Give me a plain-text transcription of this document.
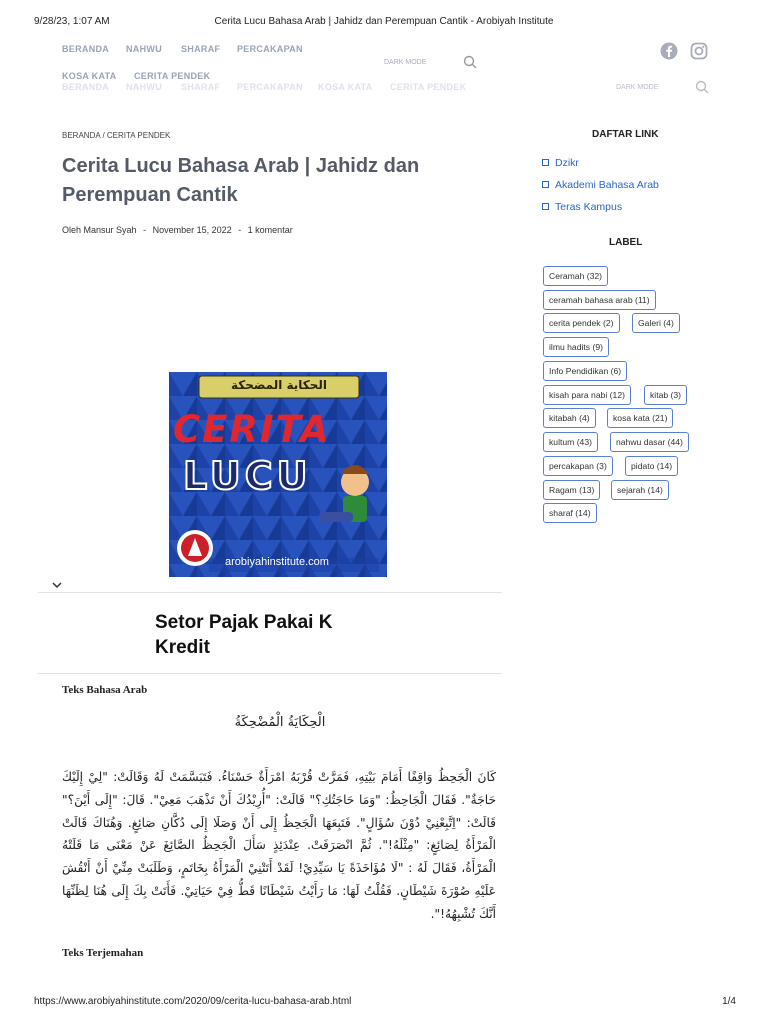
9/28/23, 1:07 AM	Cerita Lucu Bahasa Arab | Jahidz dan Perempuan Cantik - Arobiyah Institute
BERANDA NAHWU SHARAF PERCAKAPAN
KOSA KATA CERITA PENDEK
BERANDA NAHWU SHARAF PERCAKAPAN KOSA KATA CERITA PENDEK
DARK MODE
DARK MODE
BERANDA / CERITA PENDEK
Cerita Lucu Bahasa Arab | Jahidz dan Perempuan Cantik
Oleh Mansur Syah - November 15, 2022 - 1 komentar
الحكاية المضحكة
CERITA
LUCU
arobiyahinstitute.com
Setor Pajak Pakai K
Kredit
Teks Bahasa Arab
الْحِكَايَةُ الْمُضْحِكَةُ
كَانَ الْجَحِظُ وَاقِفًا أَمَامَ بَيْتِهِ، فَمَرَّتْ قُرْبَهُ امْرَأَةٌ حَسْنَاءُ. فَتَبَسَّمَتْ لَهُ وَقَالَتْ: "لِيْ إِلَيْكَ حَاجَةٌ". فَقَالَ الْجَاحِظُ: "وَمَا حَاجَتُكِ؟" قَالَتْ: "أُرِيْدُكَ أَنْ تَذْهَبَ مَعِيْ". قَالَ: "إِلَى أَيْنَ؟" قَالَتْ: "اِتَّبِعْنِيْ دُوْنَ سُؤَالٍ". فَتَبِعَهَا الْجَحِظُ إِلَى أَنْ وَصَلَا إِلَى دُكَّانِ صَائِغٍ. وَهُنَاكَ قَالَتْ الْمَرْأَةُ لِصَائِغٍ: "مِثْلَهُ!". ثُمَّ انْصَرَفَتْ. عِنْدَئِذٍ سَأَلَ الْجَحِظُ الصَّائِغَ عَنْ مَعْنَى مَا قَلَتْهُ الْمَرْأَةُ، فَقَالَ لَهُ : "لَا مُؤَاخَذَةً يَا سَيِّدِيْ! لَقَدْ أَتَتْنِيْ الْمَرْأَةُ بِخَاتَمٍ، وَطَلَبَتْ مِنِّيْ أَنْ أَنْقُشَ عَلَيْهِ صُوْرَةَ شَيْطَانٍ. فَقُلْتُ لَهَا: مَا رَأَيْتُ شَيْطَانًا قَطُّ فِيْ حَيَاتِيْ. فَأَتَتْ بِكَ إِلَى هُنَا لِظَنِّهَا أَنَّكَ تُشْبِهُهُ!".
Teks Terjemahan
DAFTAR LINK
Dzikr
Akademi Bahasa Arab
Teras Kampus
LABEL
Ceramah (32)
ceramah bahasa arab (11)
cerita pendek (2)	Galeri (4)
ilmu hadits (9)
Info Pendidikan (6)
kisah para nabi (12)	kitab (3)
kitabah (4)	kosa kata (21)
kultum (43)	nahwu dasar (44)
percakapan (3)	pidato (14)
Ragam (13)	sejarah (14)
sharaf (14)
https://www.arobiyahinstitute.com/2020/09/cerita-lucu-bahasa-arab.html	1/4
